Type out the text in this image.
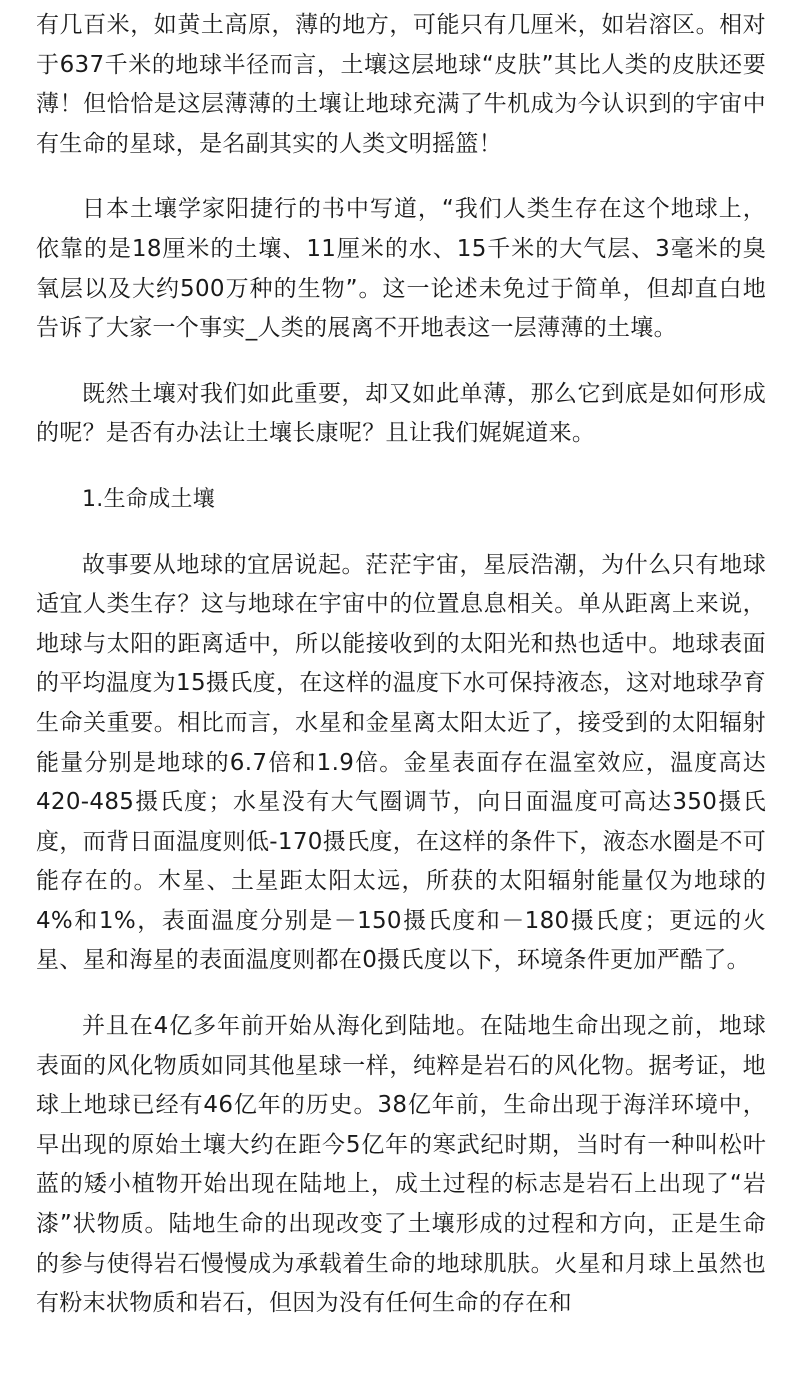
有几百米，如黄土高原，薄的地方，可能只有几厘米，如岩溶区。相对于637千米的地球半径而言，土壤这层地球“皮肤”其比人类的皮肤还要薄！但恰恰是这层薄薄的土壤让地球充满了牛机成为今认识到的宇宙中有生命的星球，是名副其实的人类文明摇篮！

日本土壤学家阳捷行的书中写道，“我们人类生存在这个地球上，依靠的是18厘米的土壤、11厘米的水、15千米的大气层、3毫米的臭氧层以及大约500万种的生物”。这一论述未免过于简单，但却直白地告诉了大家一个事实_人类的展离不开地表这一层薄薄的土壤。

既然土壤对我们如此重要，却又如此单薄，那么它到底是如何形成的呢？是否有办法让土壤长康呢？且让我们娓娓道来。

1.生命成土壤

故事要从地球的宜居说起。茫茫宇宙，星辰浩潮，为什么只有地球适宜人类生存？这与地球在宇宙中的位置息息相关。单从距离上来说，地球与太阳的距离适中，所以能接收到的太阳光和热也适中。地球表面的平均温度为15摄氏度，在这样的温度下水可保持液态，这对地球孕育生命关重要。相比而言，水星和金星离太阳太近了，接受到的太阳辐射能量分别是地球的6.7倍和1.9倍。金星表面存在温室效应，温度高达420-485摄氏度；水星没有大气圈调节，向日面温度可高达350摄氏度，而背日面温度则低-170摄氏度，在这样的条件下，液态水圈是不可能存在的。木星、土星距太阳太远，所获的太阳辐射能量仅为地球的4%和1%，表面温度分别是－150摄氏度和－180摄氏度；更远的火星、星和海星的表面温度则都在0摄氏度以下，环境条件更加严酷了。

并且在4亿多年前开始从海化到陆地。在陆地生命出现之前，地球表面的风化物质如同其他星球一样，纯粹是岩石的风化物。据考证，地球上地球已经有46亿年的历史。38亿年前，生命出现于海洋环境中，早出现的原始土壤大约在距今5亿年的寒武纪时期，当时有一种叫松叶蓝的矮小植物开始出现在陆地上，成土过程的标志是岩石上出现了“岩漆”状物质。陆地生命的出现改变了土壤形成的过程和方向，正是生命的参与使得岩石慢慢成为承载着生命的地球肌肤。火星和月球上虽然也有粉末状物质和岩石，但因为没有任何生命的存在和
